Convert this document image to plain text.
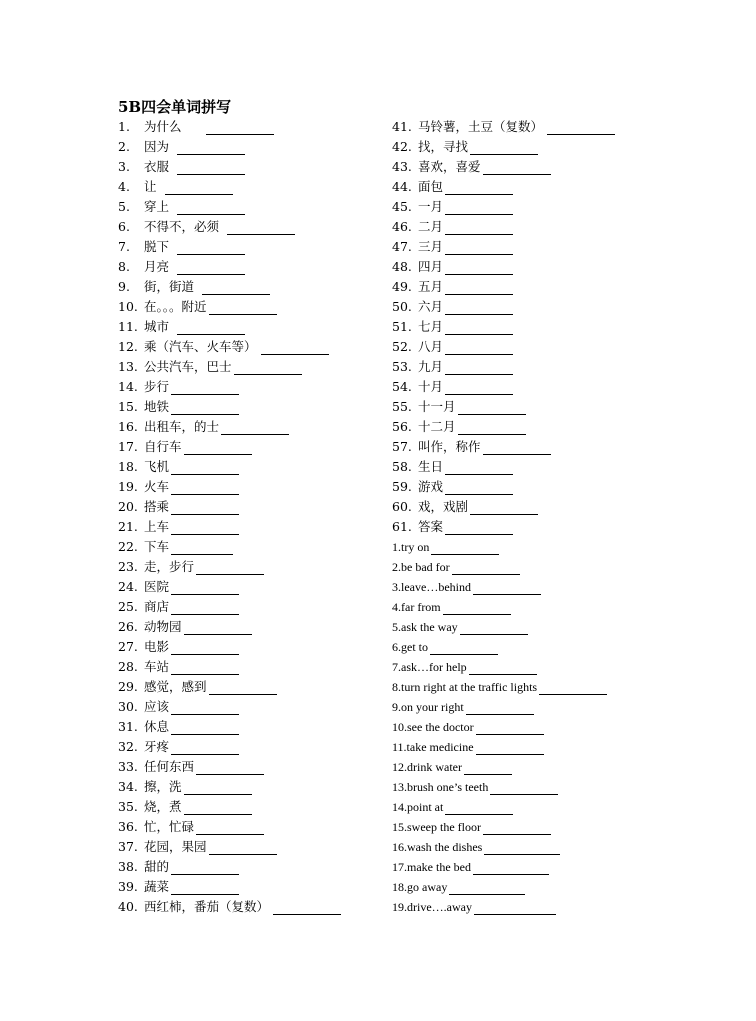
5B四会单词拼写
1.	为什么
2.	因为
3.	衣服
4.	让
5.	穿上
6.	不得不，必须
7.	脱下
8.	月亮
9.	街，街道
10. 在。。。附近
11. 城市
12. 乘（汽车、火车等）
13. 公共汽车，巴士
14. 步行
15. 地铁
16. 出租车，的士
17. 自行车
18. 飞机
19. 火车
20. 搭乘
21. 上车
22. 下车
23. 走，步行
24. 医院
25. 商店
26. 动物园
27. 电影
28. 车站
29. 感觉，感到
30. 应该
31. 休息
32. 牙疼
33. 任何东西
34. 擦，洗
35. 烧，煮
36. 忙，忙碌
37. 花园，果园
38. 甜的
39. 蔬菜
40. 西红柿，番茄（复数）
41. 马铃薯，土豆（复数）
42. 找，寻找
43. 喜欢，喜爱
44. 面包
45. 一月
46. 二月
47. 三月
48. 四月
49. 五月
50. 六月
51. 七月
52. 八月
53. 九月
54. 十月
55. 十一月
56. 十二月
57. 叫作，称作
58. 生日
59. 游戏
60. 戏，戏剧
61. 答案
1.try on
2.be bad for
3.leave…behind
4.far from
5.ask the way
6.get to
7.ask…for help
8.turn right at the traffic lights
9.on your right
10.see the doctor
11.take medicine
12.drink water
13.brush one’s teeth
14.point at
15.sweep the floor
16.wash the dishes
17.make the bed
18.go away
19.drive….away
